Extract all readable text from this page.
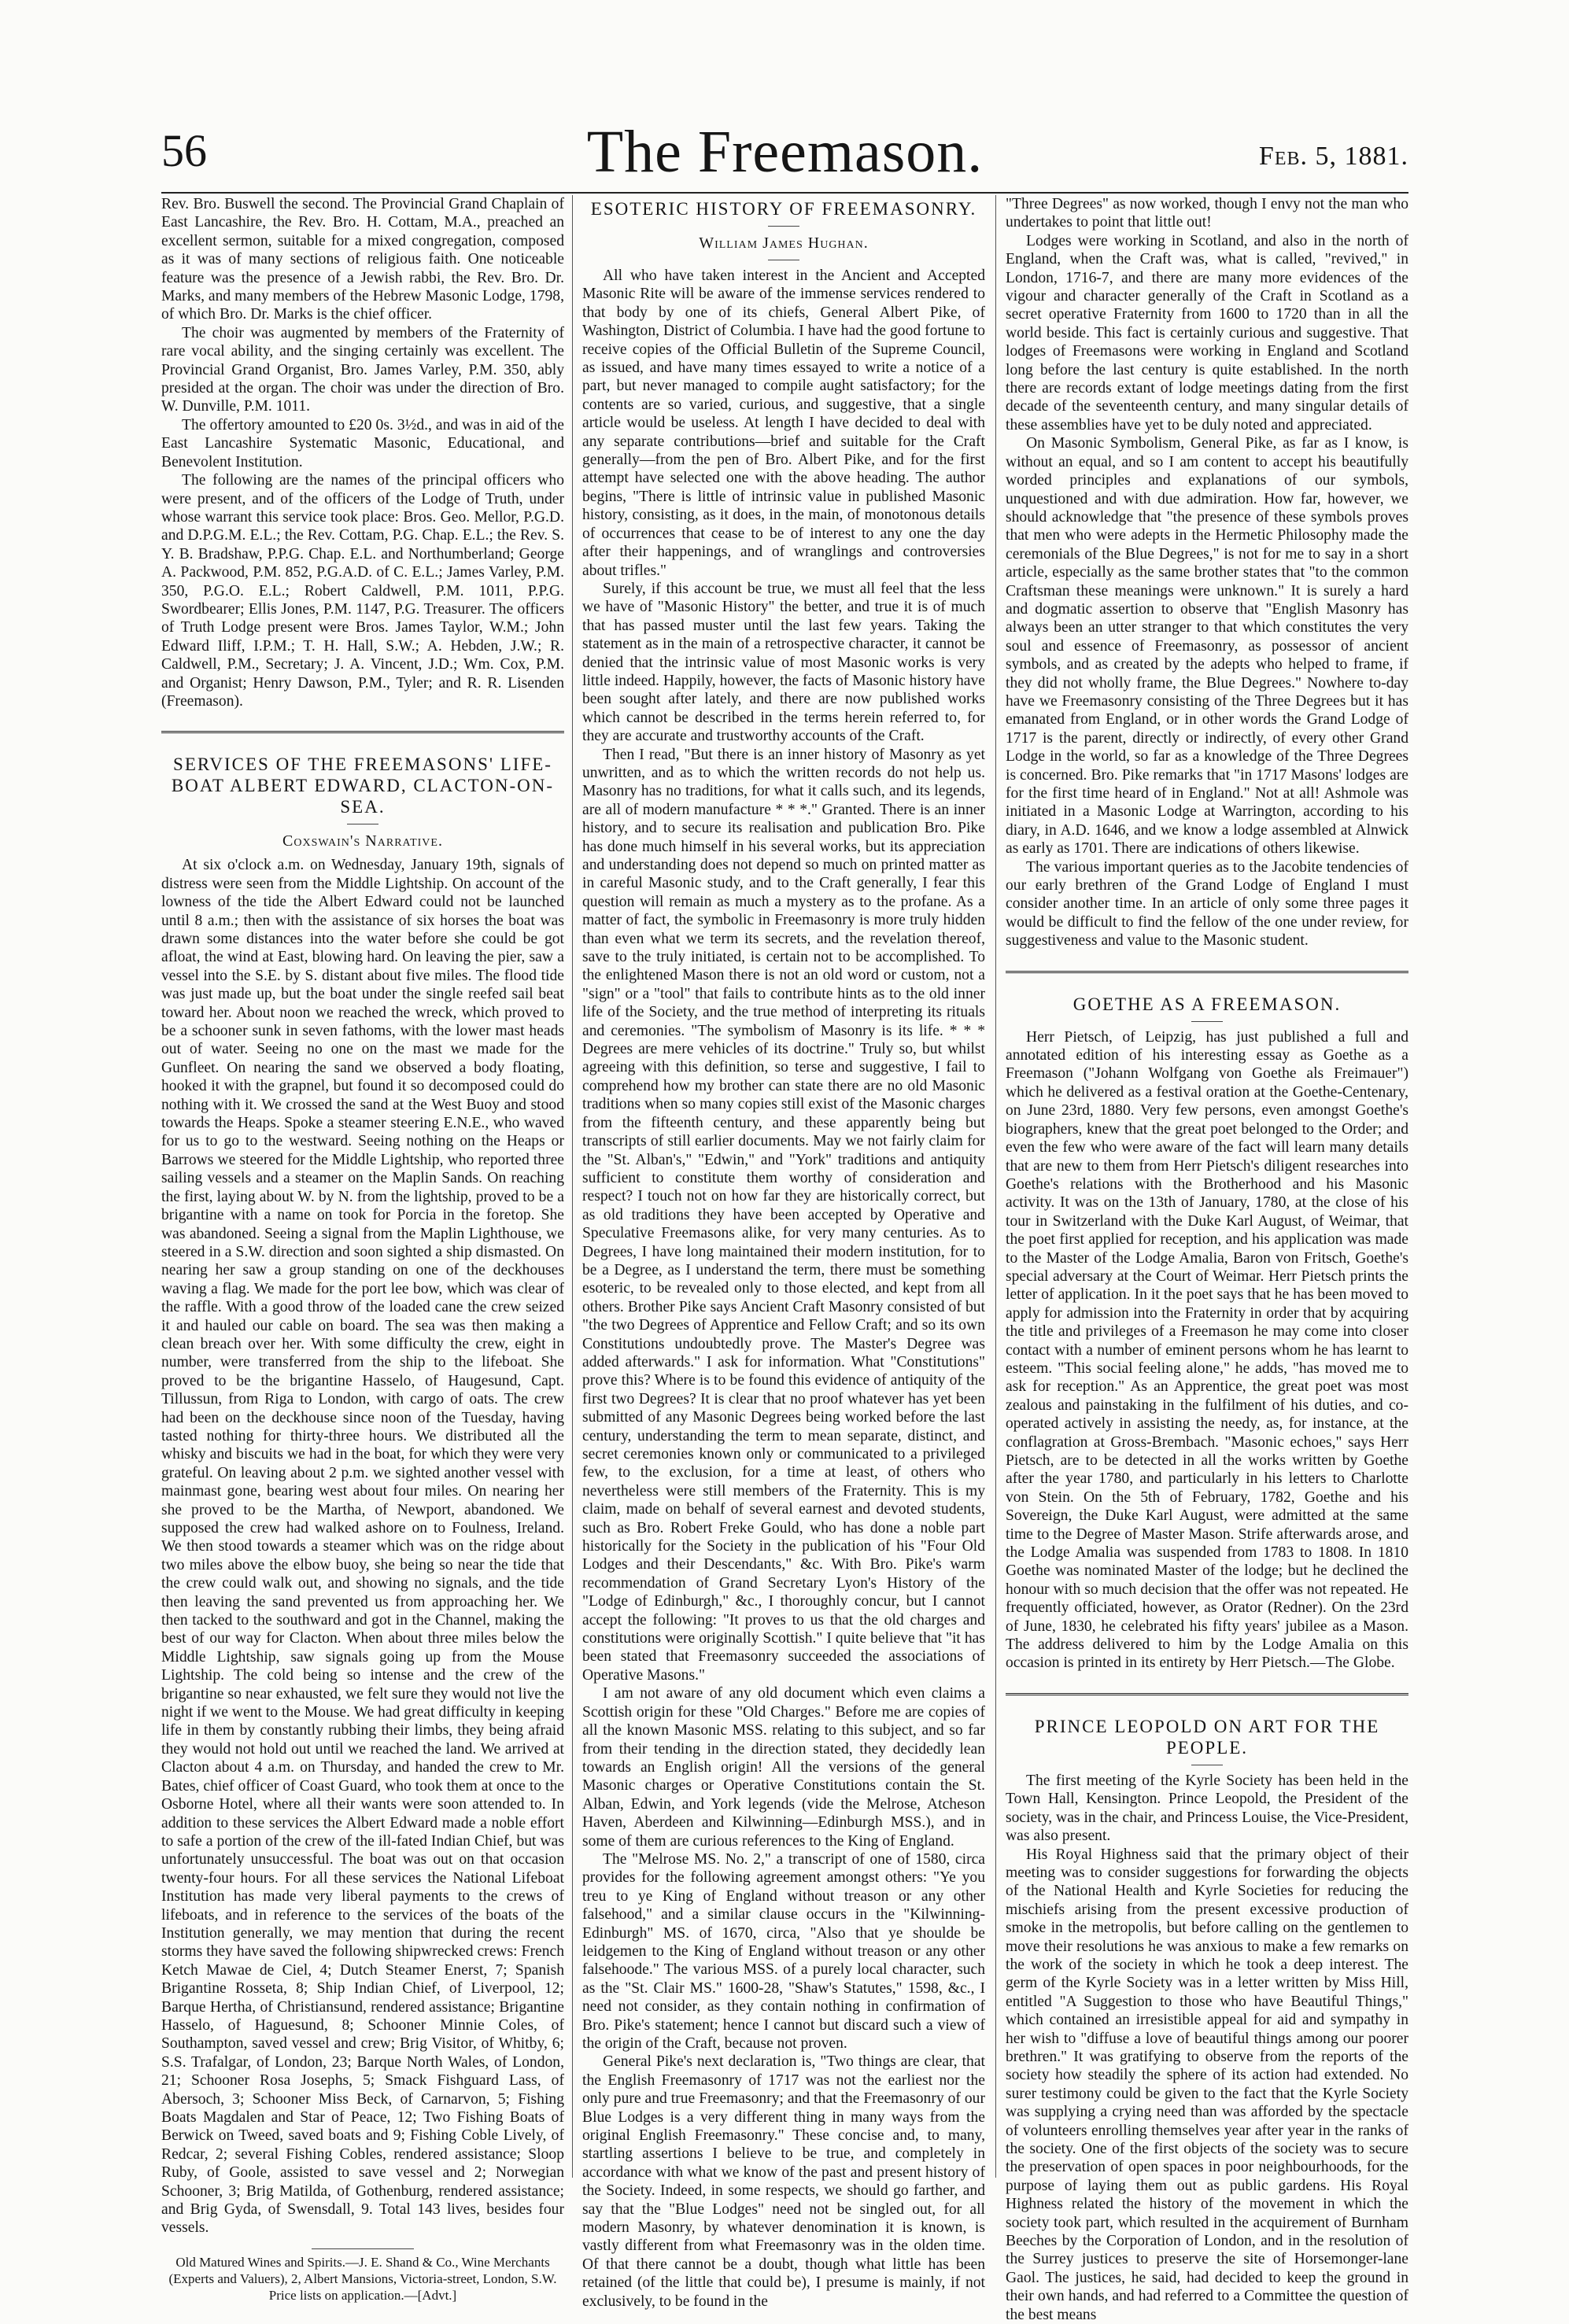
56	The Freemason.	Feb. 5, 1881.

Rev. Bro. Buswell the second. The Provincial Grand Chaplain of East Lancashire, the Rev. Bro. H. Cottam, M.A., preached an excellent sermon, suitable for a mixed congregation, composed as it was of many sections of religious faith. One noticeable feature was the presence of a Jewish rabbi, the Rev. Bro. Dr. Marks, and many members of the Hebrew Masonic Lodge, 1798, of which Bro. Dr. Marks is the chief officer.

The choir was augmented by members of the Fraternity of rare vocal ability, and the singing certainly was excellent. The Provincial Grand Organist, Bro. James Varley, P.M. 350, ably presided at the organ. The choir was under the direction of Bro. W. Dunville, P.M. 1011.

The offertory amounted to £20 0s. 3½d., and was in aid of the East Lancashire Systematic Masonic, Educational, and Benevolent Institution.

The following are the names of the principal officers who were present, and of the officers of the Lodge of Truth, under whose warrant this service took place: Bros. Geo. Mellor, P.G.D. and D.P.G.M. E.L.; the Rev. Cottam, P.G. Chap. E.L.; the Rev. S. Y. B. Bradshaw, P.P.G. Chap. E.L. and Northumberland; George A. Packwood, P.M. 852, P.G.A.D. of C. E.L.; James Varley, P.M. 350, P.G.O. E.L.; Robert Caldwell, P.M. 1011, P.P.G. Swordbearer; Ellis Jones, P.M. 1147, P.G. Treasurer. The officers of Truth Lodge present were Bros. James Taylor, W.M.; John Edward Iliff, I.P.M.; T. H. Hall, S.W.; A. Hebden, J.W.; R. Caldwell, P.M., Secretary; J. A. Vincent, J.D.; Wm. Cox, P.M. and Organist; Henry Dawson, P.M., Tyler; and R. R. Lisenden (Freemason).

SERVICES OF THE FREEMASONS' LIFE-BOAT ALBERT EDWARD, CLACTON-ON-SEA.
Coxswain's Narrative.

At six o'clock a.m. on Wednesday, January 19th, signals of distress were seen from the Middle Lightship. On account of the lowness of the tide the Albert Edward could not be launched until 8 a.m.; then with the assistance of six horses the boat was drawn some distances into the water before she could be got afloat, the wind at East, blowing hard. On leaving the pier, saw a vessel into the S.E. by S. distant about five miles. The flood tide was just made up, but the boat under the single reefed sail beat toward her. About noon we reached the wreck, which proved to be a schooner sunk in seven fathoms, with the lower mast heads out of water. Seeing no one on the mast we made for the Gunfleet. On nearing the sand we observed a body floating, hooked it with the grapnel, but found it so decomposed could do nothing with it. We crossed the sand at the West Buoy and stood towards the Heaps. Spoke a steamer steering E.N.E., who waved for us to go to the westward. Seeing nothing on the Heaps or Barrows we steered for the Middle Lightship, who reported three sailing vessels and a steamer on the Maplin Sands. On reaching the first, laying about W. by N. from the lightship, proved to be a brigantine with a name on took for Porcia in the foretop. She was abandoned. Seeing a signal from the Maplin Lighthouse, we steered in a S.W. direction and soon sighted a ship dismasted. On nearing her saw a group standing on one of the deckhouses waving a flag. We made for the port lee bow, which was clear of the raffle. With a good throw of the loaded cane the crew seized it and hauled our cable on board. The sea was then making a clean breach over her. With some difficulty the crew, eight in number, were transferred from the ship to the lifeboat. She proved to be the brigantine Hasselo, of Haugesund, Capt. Tillussun, from Riga to London, with cargo of oats. The crew had been on the deckhouse since noon of the Tuesday, having tasted nothing for thirty-three hours. We distributed all the whisky and biscuits we had in the boat, for which they were very grateful. On leaving about 2 p.m. we sighted another vessel with mainmast gone, bearing west about four miles. On nearing her she proved to be the Martha, of Newport, abandoned. We supposed the crew had walked ashore on to Foulness, Ireland. We then stood towards a steamer which was on the ridge about two miles above the elbow buoy, she being so near the tide that the crew could walk out, and showing no signals, and the tide then leaving the sand prevented us from approaching her. We then tacked to the southward and got in the Channel, making the best of our way for Clacton. When about three miles below the Middle Lightship, saw signals going up from the Mouse Lightship. The cold being so intense and the crew of the brigantine so near exhausted, we felt sure they would not live the night if we went to the Mouse. We had great difficulty in keeping life in them by constantly rubbing their limbs, they being afraid they would not hold out until we reached the land. We arrived at Clacton about 4 a.m. on Thursday, and handed the crew to Mr. Bates, chief officer of Coast Guard, who took them at once to the Osborne Hotel, where all their wants were soon attended to. In addition to these services the Albert Edward made a noble effort to safe a portion of the crew of the ill-fated Indian Chief, but was unfortunately unsuccessful. The boat was out on that occasion twenty-four hours. For all these services the National Lifeboat Institution has made very liberal payments to the crews of lifeboats, and in reference to the services of the boats of the Institution generally, we may mention that during the recent storms they have saved the following shipwrecked crews: French Ketch Mawae de Ciel, 4; Dutch Steamer Enerst, 7; Spanish Brigantine Rosseta, 8; Ship Indian Chief, of Liverpool, 12; Barque Hertha, of Christiansund, rendered assistance; Brigantine Hasselo, of Haguesund, 8; Schooner Minnie Coles, of Southampton, saved vessel and crew; Brig Visitor, of Whitby, 6; S.S. Trafalgar, of London, 23; Barque North Wales, of London, 21; Schooner Rosa Josephs, 5; Smack Fishguard Lass, of Abersoch, 3; Schooner Miss Beck, of Carnarvon, 5; Fishing Boats Magdalen and Star of Peace, 12; Two Fishing Boats of Berwick on Tweed, saved boats and 9; Fishing Coble Lively, of Redcar, 2; several Fishing Cobles, rendered assistance; Sloop Ruby, of Goole, assisted to save vessel and 2; Norwegian Schooner, 3; Brig Matilda, of Gothenburg, rendered assistance; and Brig Gyda, of Swensdall, 9. Total 143 lives, besides four vessels.

Old Matured Wines and Spirits.—J. E. Shand & Co., Wine Merchants (Experts and Valuers), 2, Albert Mansions, Victoria-street, London, S.W. Price lists on application.—[Advt.]

ESOTERIC HISTORY OF FREEMASONRY.
William James Hughan.

All who have taken interest in the Ancient and Accepted Masonic Rite will be aware of the immense services rendered to that body by one of its chiefs, General Albert Pike, of Washington, District of Columbia. I have had the good fortune to receive copies of the Official Bulletin of the Supreme Council, as issued, and have many times essayed to write a notice of a part, but never managed to compile aught satisfactory; for the contents are so varied, curious, and suggestive, that a single article would be useless. At length I have decided to deal with any separate contributions—brief and suitable for the Craft generally—from the pen of Bro. Albert Pike, and for the first attempt have selected one with the above heading. The author begins, "There is little of intrinsic value in published Masonic history, consisting, as it does, in the main, of monotonous details of occurrences that cease to be of interest to any one the day after their happenings, and of wranglings and controversies about trifles."

Surely, if this account be true, we must all feel that the less we have of "Masonic History" the better, and true it is of much that has passed muster until the last few years. Taking the statement as in the main of a retrospective character, it cannot be denied that the intrinsic value of most Masonic works is very little indeed. Happily, however, the facts of Masonic history have been sought after lately, and there are now published works which cannot be described in the terms herein referred to, for they are accurate and trustworthy accounts of the Craft.

Then I read, "But there is an inner history of Masonry as yet unwritten, and as to which the written records do not help us. Masonry has no traditions, for what it calls such, and its legends, are all of modern manufacture * * *." Granted. There is an inner history, and to secure its realisation and publication Bro. Pike has done much himself in his several works, but its appreciation and understanding does not depend so much on printed matter as in careful Masonic study, and to the Craft generally, I fear this question will remain as much a mystery as to the profane. As a matter of fact, the symbolic in Freemasonry is more truly hidden than even what we term its secrets, and the revelation thereof, save to the truly initiated, is certain not to be accomplished. To the enlightened Mason there is not an old word or custom, not a "sign" or a "tool" that fails to contribute hints as to the old inner life of the Society, and the true method of interpreting its rituals and ceremonies. "The symbolism of Masonry is its life. * * * Degrees are mere vehicles of its doctrine." Truly so, but whilst agreeing with this definition, so terse and suggestive, I fail to comprehend how my brother can state there are no old Masonic traditions when so many copies still exist of the Masonic charges from the fifteenth century, and these apparently being but transcripts of still earlier documents. May we not fairly claim for the "St. Alban's," "Edwin," and "York" traditions and antiquity sufficient to constitute them worthy of consideration and respect? I touch not on how far they are historically correct, but as old traditions they have been accepted by Operative and Speculative Freemasons alike, for very many centuries. As to Degrees, I have long maintained their modern institution, for to be a Degree, as I understand the term, there must be something esoteric, to be revealed only to those elected, and kept from all others. Brother Pike says Ancient Craft Masonry consisted of but "the two Degrees of Apprentice and Fellow Craft; and so its own Constitutions undoubtedly prove. The Master's Degree was added afterwards." I ask for information. What "Constitutions" prove this? Where is to be found this evidence of antiquity of the first two Degrees? It is clear that no proof whatever has yet been submitted of any Masonic Degrees being worked before the last century, understanding the term to mean separate, distinct, and secret ceremonies known only or communicated to a privileged few, to the exclusion, for a time at least, of others who nevertheless were still members of the Fraternity. This is my claim, made on behalf of several earnest and devoted students, such as Bro. Robert Freke Gould, who has done a noble part historically for the Society in the publication of his "Four Old Lodges and their Descendants," &c. With Bro. Pike's warm recommendation of Grand Secretary Lyon's History of the "Lodge of Edinburgh," &c., I thoroughly concur, but I cannot accept the following: "It proves to us that the old charges and constitutions were originally Scottish." I quite believe that "it has been stated that Freemasonry succeeded the associations of Operative Masons."

I am not aware of any old document which even claims a Scottish origin for these "Old Charges." Before me are copies of all the known Masonic MSS. relating to this subject, and so far from their tending in the direction stated, they decidedly lean towards an English origin! All the versions of the general Masonic charges or Operative Constitutions contain the St. Alban, Edwin, and York legends (vide the Melrose, Atcheson Haven, Aberdeen and Kilwinning—Edinburgh MSS.), and in some of them are curious references to the King of England.

The "Melrose MS. No. 2," a transcript of one of 1580, circa provides for the following agreement amongst others: "Ye you treu to ye King of England without treason or any other falsehood," and a similar clause occurs in the "Kilwinning-Edinburgh" MS. of 1670, circa, "Also that ye shoulde be leidgemen to the King of England without treason or any other falsehoode." The various MSS. of a purely local character, such as the "St. Clair MS." 1600-28, "Shaw's Statutes," 1598, &c., I need not consider, as they contain nothing in confirmation of Bro. Pike's statement; hence I cannot but discard such a view of the origin of the Craft, because not proven.

General Pike's next declaration is, "Two things are clear, that the English Freemasonry of 1717 was not the earliest nor the only pure and true Freemasonry; and that the Freemasonry of our Blue Lodges is a very different thing in many ways from the original English Freemasonry." These concise and, to many, startling assertions I believe to be true, and completely in accordance with what we know of the past and present history of the Society. Indeed, in some respects, we should go farther, and say that the "Blue Lodges" need not be singled out, for all modern Masonry, by whatever denomination it is known, is vastly different from what Freemasonry was in the olden time. Of that there cannot be a doubt, though what little has been retained (of the little that could be), I presume is mainly, if not exclusively, to be found in the

"Three Degrees" as now worked, though I envy not the man who undertakes to point that little out!

Lodges were working in Scotland, and also in the north of England, when the Craft was, what is called, "revived," in London, 1716-7, and there are many more evidences of the vigour and character generally of the Craft in Scotland as a secret operative Fraternity from 1600 to 1720 than in all the world beside. This fact is certainly curious and suggestive. That lodges of Freemasons were working in England and Scotland long before the last century is quite established. In the north there are records extant of lodge meetings dating from the first decade of the seventeenth century, and many singular details of these assemblies have yet to be duly noted and appreciated.

On Masonic Symbolism, General Pike, as far as I know, is without an equal, and so I am content to accept his beautifully worded principles and explanations of our symbols, unquestioned and with due admiration. How far, however, we should acknowledge that "the presence of these symbols proves that men who were adepts in the Hermetic Philosophy made the ceremonials of the Blue Degrees," is not for me to say in a short article, especially as the same brother states that "to the common Craftsman these meanings were unknown." It is surely a hard and dogmatic assertion to observe that "English Masonry has always been an utter stranger to that which constitutes the very soul and essence of Freemasonry, as possessor of ancient symbols, and as created by the adepts who helped to frame, if they did not wholly frame, the Blue Degrees." Nowhere to-day have we Freemasonry consisting of the Three Degrees but it has emanated from England, or in other words the Grand Lodge of 1717 is the parent, directly or indirectly, of every other Grand Lodge in the world, so far as a knowledge of the Three Degrees is concerned. Bro. Pike remarks that "in 1717 Masons' lodges are for the first time heard of in England." Not at all! Ashmole was initiated in a Masonic Lodge at Warrington, according to his diary, in A.D. 1646, and we know a lodge assembled at Alnwick as early as 1701. There are indications of others likewise.

The various important queries as to the Jacobite tendencies of our early brethren of the Grand Lodge of England I must consider another time. In an article of only some three pages it would be difficult to find the fellow of the one under review, for suggestiveness and value to the Masonic student.

GOETHE AS A FREEMASON.

Herr Pietsch, of Leipzig, has just published a full and annotated edition of his interesting essay as Goethe as a Freemason ("Johann Wolfgang von Goethe als Freimauer") which he delivered as a festival oration at the Goethe-Centenary, on June 23rd, 1880. Very few persons, even amongst Goethe's biographers, knew that the great poet belonged to the Order; and even the few who were aware of the fact will learn many details that are new to them from Herr Pietsch's diligent researches into Goethe's relations with the Brotherhood and his Masonic activity. It was on the 13th of January, 1780, at the close of his tour in Switzerland with the Duke Karl August, of Weimar, that the poet first applied for reception, and his application was made to the Master of the Lodge Amalia, Baron von Fritsch, Goethe's special adversary at the Court of Weimar. Herr Pietsch prints the letter of application. In it the poet says that he has been moved to apply for admission into the Fraternity in order that by acquiring the title and privileges of a Freemason he may come into closer contact with a number of eminent persons whom he has learnt to esteem. "This social feeling alone," he adds, "has moved me to ask for reception." As an Apprentice, the great poet was most zealous and painstaking in the fulfilment of his duties, and co-operated actively in assisting the needy, as, for instance, at the conflagration at Gross-Brembach. "Masonic echoes," says Herr Pietsch, are to be detected in all the works written by Goethe after the year 1780, and particularly in his letters to Charlotte von Stein. On the 5th of February, 1782, Goethe and his Sovereign, the Duke Karl August, were admitted at the same time to the Degree of Master Mason. Strife afterwards arose, and the Lodge Amalia was suspended from 1783 to 1808. In 1810 Goethe was nominated Master of the lodge; but he declined the honour with so much decision that the offer was not repeated. He frequently officiated, however, as Orator (Redner). On the 23rd of June, 1830, he celebrated his fifty years' jubilee as a Mason. The address delivered to him by the Lodge Amalia on this occasion is printed in its entirety by Herr Pietsch.—The Globe.

PRINCE LEOPOLD ON ART FOR THE PEOPLE.

The first meeting of the Kyrle Society has been held in the Town Hall, Kensington. Prince Leopold, the President of the society, was in the chair, and Princess Louise, the Vice-President, was also present.

His Royal Highness said that the primary object of their meeting was to consider suggestions for forwarding the objects of the National Health and Kyrle Societies for reducing the mischiefs arising from the present excessive production of smoke in the metropolis, but before calling on the gentlemen to move their resolutions he was anxious to make a few remarks on the work of the society in which he took a deep interest. The germ of the Kyrle Society was in a letter written by Miss Hill, entitled "A Suggestion to those who have Beautiful Things," which contained an irresistible appeal for aid and sympathy in her wish to "diffuse a love of beautiful things among our poorer brethren." It was gratifying to observe from the reports of the society how steadily the sphere of its action had extended. No surer testimony could be given to the fact that the Kyrle Society was supplying a crying need than was afforded by the spectacle of volunteers enrolling themselves year after year in the ranks of the society. One of the first objects of the society was to secure the preservation of open spaces in poor neighbourhoods, for the purpose of laying them out as public gardens. His Royal Highness related the history of the movement in which the society took part, which resulted in the acquirement of Burnham Beeches by the Corporation of London, and in the resolution of the Surrey justices to preserve the site of Horsemonger-lane Gaol. The justices, he said, had decided to keep the ground in their own hands, and had referred to a Committee the question of the best means
